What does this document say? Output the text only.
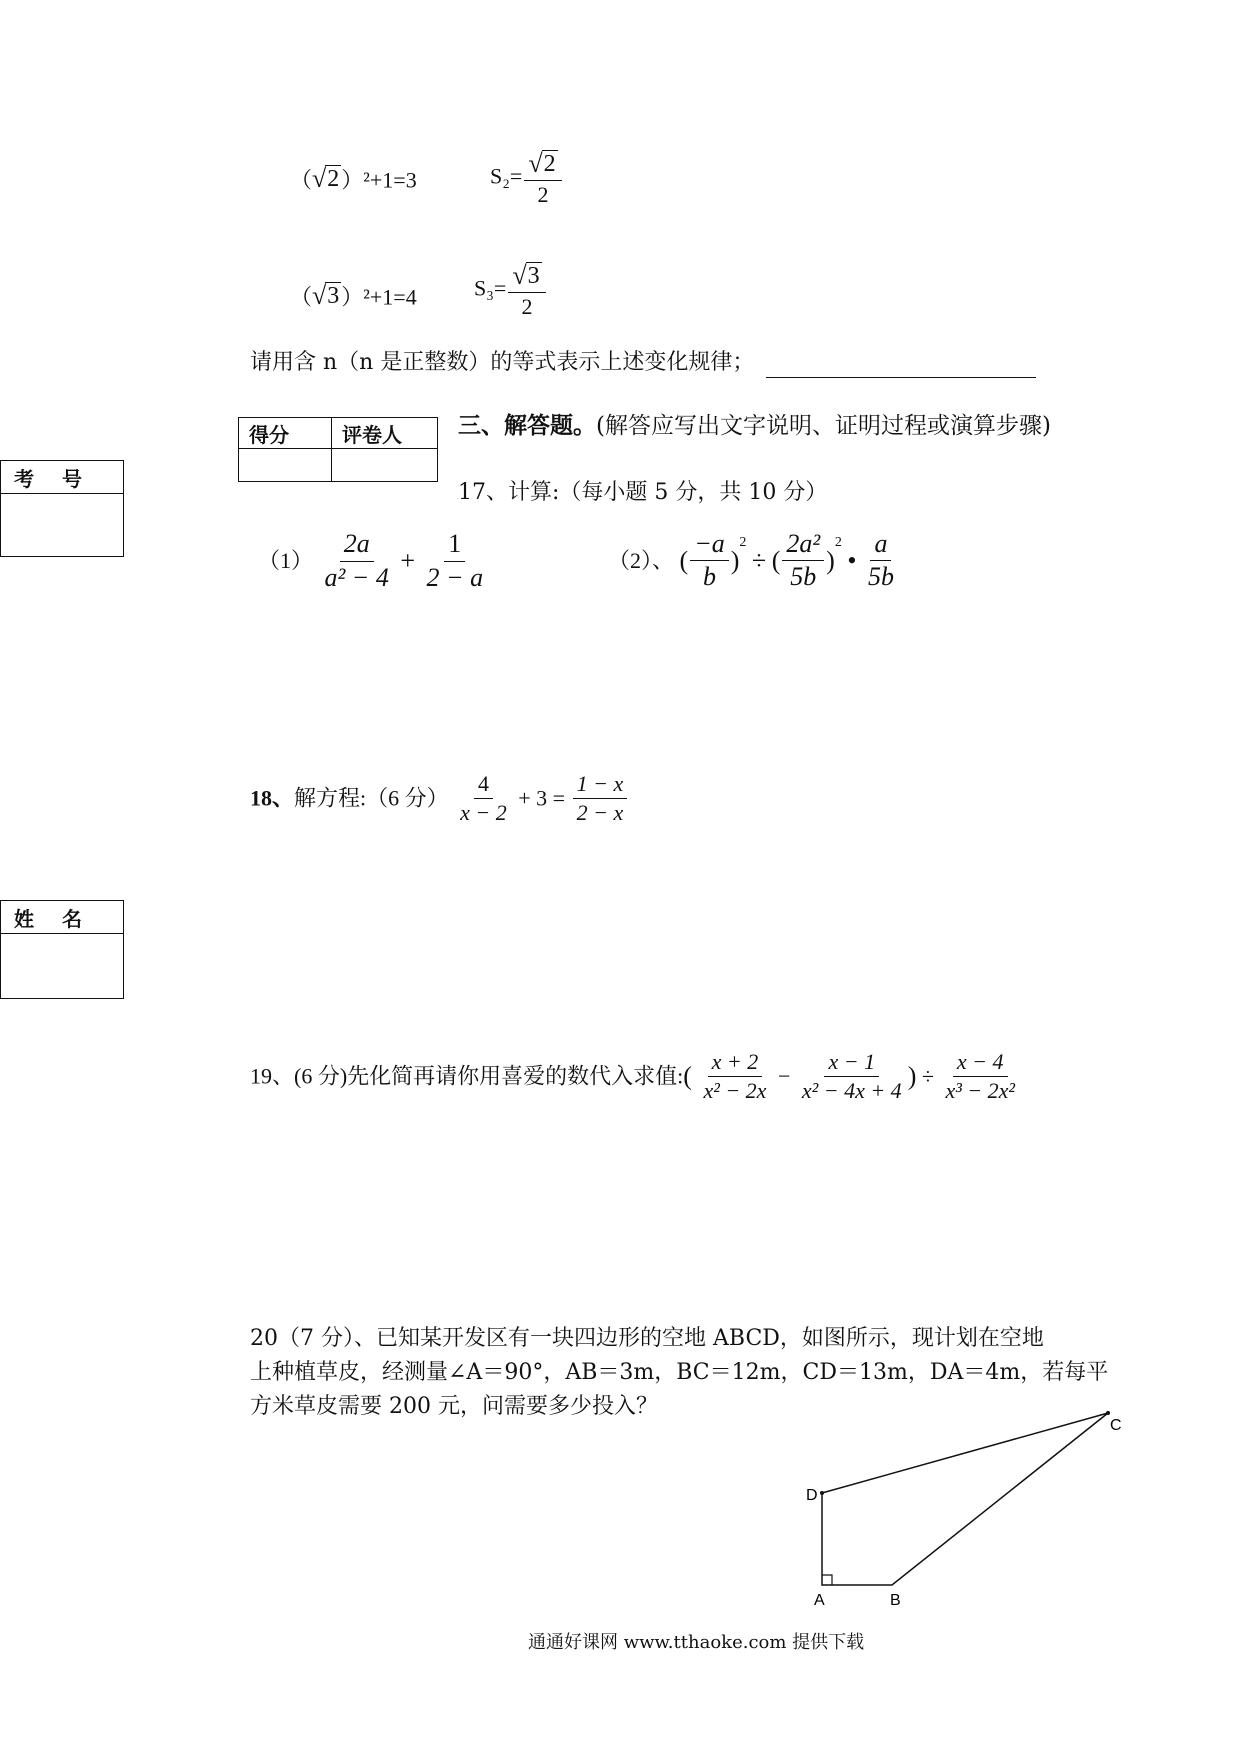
（ √ 2 ）²+1=3	$S_2= \frac{√ 2}{2}$
（ √ 3 ）²+1=4	$S_3= \frac{√ 3}{2}$
请用含 n（n 是正整数）的等式表示上述变化规律；
得分	评卷人

考号

姓名

三、解答题。(解答应写出文字说明、证明过程或演算步骤)
17、计算:（每小题 5 分，共 10 分）
$(1) \frac{2a}{\text{a² − 4}} + \frac{1}{2 - a}$	（2）、 ( $\frac{-a}{b} )^2$ ÷ ( $\frac{\text{2a²}}{5b} )^2$ • $\frac{a}{5b}$
18、解方程:（6 分） $\frac{4}{x - 2} + 3 = \frac{1 - x}{2 - x}$
19、(6 分)先化简再请你用喜爱的数代入求值:( $\frac{x + 2}{\text{x² − 2x}} - \frac{x - 1}{\text{x² − 4x + 4}}$ ) ÷ $\frac{x - 4}{\text{x³ − 2x²}}$
20（7 分）、已知某开发区有一块四边形的空地 ABCD，如图所示，现计划在空地
上种植草皮，经测量∠A＝90°，AB＝3m，BC＝12m，CD＝13m，DA＝4m，若每平
方米草皮需要 200 元，问需要多少投入？
D
C
A	B
通通好课网 www.tthaoke.com 提供下载
